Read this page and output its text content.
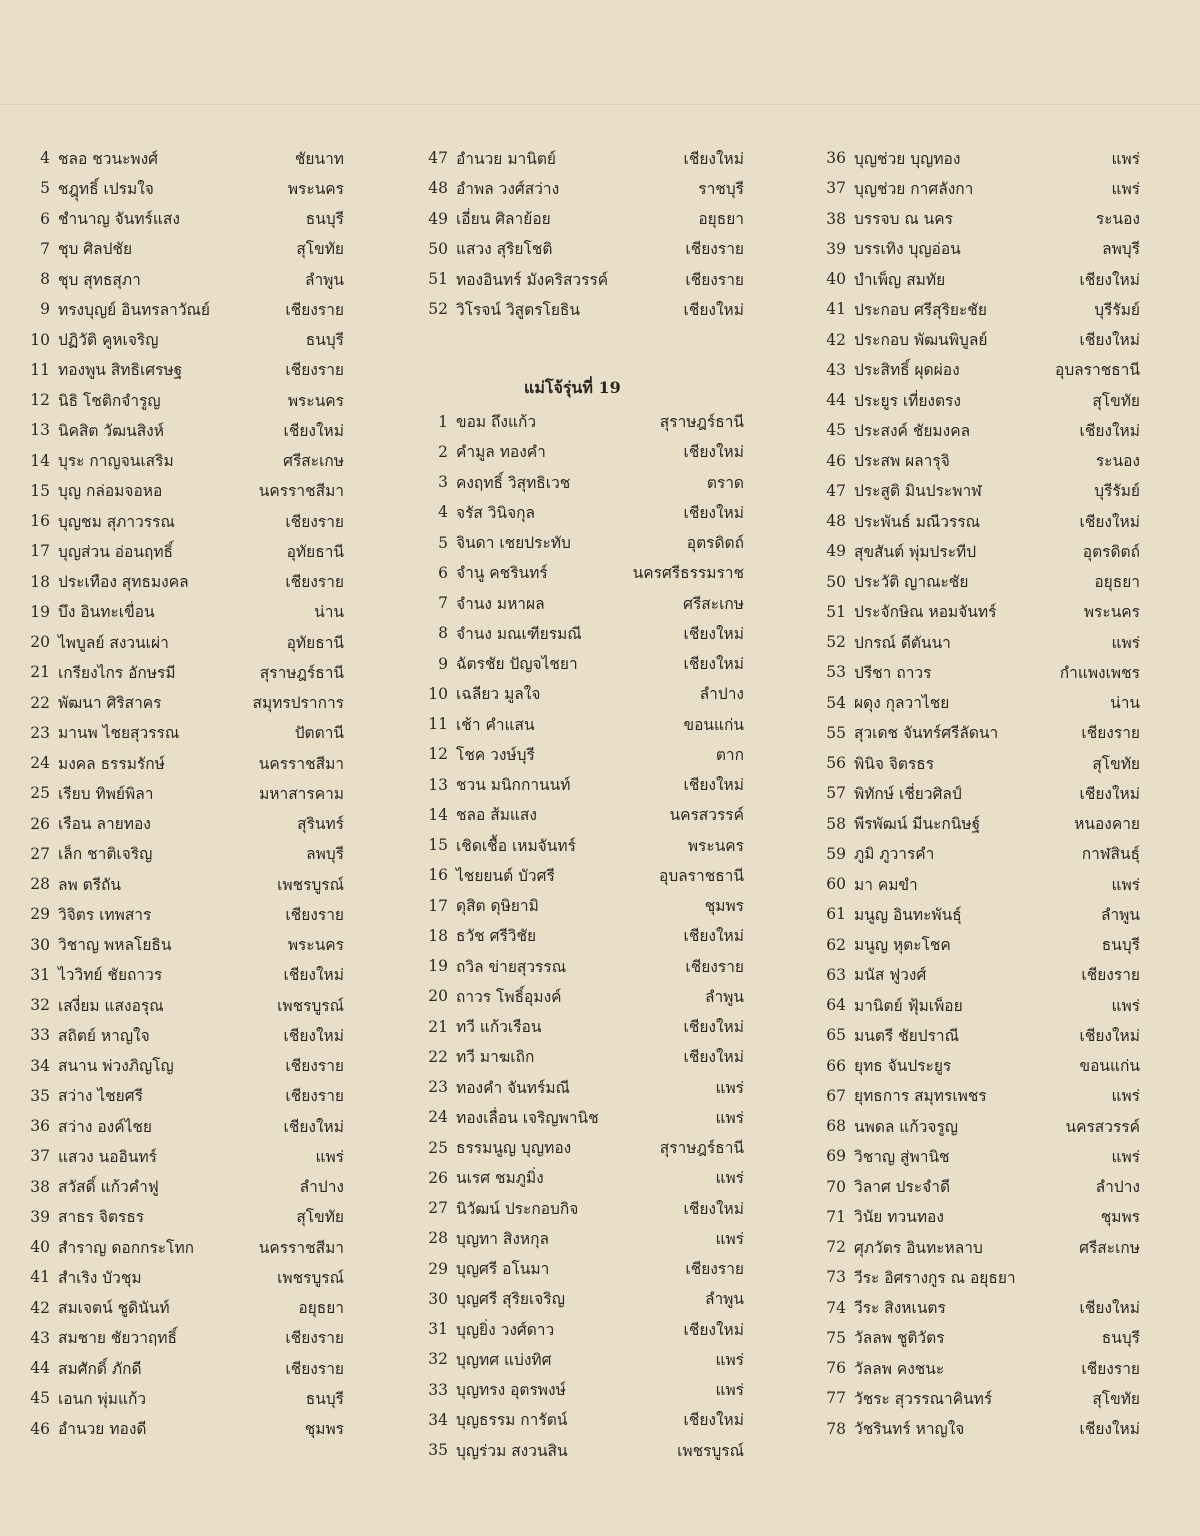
4 ชลอ ชวนะพงศ์	ชัยนาท
5 ชฎุทธิ์ เปรมใจ	พระนคร
6 ชำนาญ จันทร์แสง	ธนบุรี
7 ชุบ ศิลปชัย	สุโขทัย
8 ชุบ สุทธสุภา	ลำพูน
9 ทรงบุญย์ อินทรลาวัณย์	เชียงราย
10 ปฏิวัติ คูหเจริญ	ธนบุรี
11 ทองพูน สิทธิเศรษฐ	เชียงราย
12 นิธิ โชติกจำรูญ	พระนคร
13 นิคสิต วัฒนสิงห์	เชียงใหม่
14 บุระ กาญจนเสริม	ศรีสะเกษ
15 บุญ กล่อมจอหอ	นครราชสีมา
16 บุญชม สุภาวรรณ	เชียงราย
17 บุญส่วน อ่อนฤทธิ์	อุทัยธานี
18 ประเทือง สุทธมงคล	เชียงราย
19 บึง อินทะเขื่อน	น่าน
20 ไพบูลย์ สงวนเผ่า	อุทัยธานี
21 เกรียงไกร อักษรมี	สุราษฎร์ธานี
22 พัฒนา ศิริสาคร	สมุทรปราการ
23 มานพ ไชยสุวรรณ	ปัตตานี
24 มงคล ธรรมรักษ์	นครราชสีมา
25 เรียบ ทิพย์พิลา	มหาสารคาม
26 เรือน ลายทอง	สุรินทร์
27 เล็ก ชาติเจริญ	ลพบุรี
28 ลพ ตรีถัน	เพชรบูรณ์
29 วิจิตร เทพสาร	เชียงราย
30 วิชาญ พหลโยธิน	พระนคร
31 ไววิทย์ ชัยถาวร	เชียงใหม่
32 เสงี่ยม แสงอรุณ	เพชรบูรณ์
33 สถิตย์ หาญใจ	เชียงใหม่
34 สนาน พ่วงภิญโญ	เชียงราย
35 สว่าง ไชยศรี	เชียงราย
36 สว่าง องค์ไชย	เชียงใหม่
37 แสวง นออินทร์	แพร่
38 สวัสดิ์ แก้วคำฟู	ลำปาง
39 สาธร จิตรธร	สุโขทัย
40 สำราญ ดอกกระโทก	นครราชสีมา
41 สำเริง บัวชุม	เพชรบูรณ์
42 สมเจตน์ ชูดินันท์	อยุธยา
43 สมชาย ชัยวาฤทธิ์	เชียงราย
44 สมศักดิ์ ภักดี	เชียงราย
45 เอนก พุ่มแก้ว	ธนบุรี
46 อำนวย ทองดี	ชุมพร
47 อำนวย มานิตย์	เชียงใหม่
48 อำพล วงศ์สว่าง	ราชบุรี
49 เอี่ยน ศิลาย้อย	อยุธยา
50 แสวง สุริยโชติ	เชียงราย
51 ทองอินทร์ มังคริสวรรค์	เชียงราย
52 วิโรจน์ วิสูตรโยธิน	เชียงใหม่
แม่โจ้รุ่นที่ 19
1 ขอม ถึงแก้ว	สุราษฎร์ธานี
2 คำมูล ทองคำ	เชียงใหม่
3 คงฤทธิ์ วิสุทธิเวช	ตราด
4 จรัส วินิจกุล	เชียงใหม่
5 จินดา เชยประทับ	อุตรดิตถ์
6 จำนู คชรินทร์	นครศรีธรรมราช
7 จำนง มหาผล	ศรีสะเกษ
8 จำนง มณเฑียรมณี	เชียงใหม่
9 ฉัตรชัย ปัญจไชยา	เชียงใหม่
10 เฉลียว มูลใจ	ลำปาง
11 เช้า คำแสน	ขอนแก่น
12 โชค วงษ์บุรี	ตาก
13 ชวน มนิกกานนท์	เชียงใหม่
14 ชลอ ส้มแสง	นครสวรรค์
15 เชิดเชื้อ เหมจันทร์	พระนคร
16 ไชยยนต์ บัวศรี	อุบลราชธานี
17 ดุสิต ดุษิยามิ	ชุมพร
18 ธวัช ศรีวิชัย	เชียงใหม่
19 ถวิล ข่ายสุวรรณ	เชียงราย
20 ถาวร โพธิ์อุมงค์	ลำพูน
21 ทวี แก้วเรือน	เชียงใหม่
22 ทวี มาฆเถิก	เชียงใหม่
23 ทองคำ จันทร์มณี	แพร่
24 ทองเลื่อน เจริญพานิช	แพร่
25 ธรรมนูญ บุญทอง	สุราษฎร์ธานี
26 นเรศ ชมภูมิ่ง	แพร่
27 นิวัฒน์ ประกอบกิจ	เชียงใหม่
28 บุญทา สิงหกุล	แพร่
29 บุญศรี อโนมา	เชียงราย
30 บุญศรี สุริยเจริญ	ลำพูน
31 บุญยิ่ง วงศ์ดาว	เชียงใหม่
32 บุญทศ แบ่งทิศ	แพร่
33 บุญทรง อุตรพงษ์	แพร่
34 บุญธรรม การัตน์	เชียงใหม่
35 บุญร่วม สงวนสิน	เพชรบูรณ์
36 บุญช่วย บุญทอง	แพร่
37 บุญช่วย กาศลังกา	แพร่
38 บรรจบ ณ นคร	ระนอง
39 บรรเทิง บุญอ่อน	ลพบุรี
40 บำเพ็ญ สมทัย	เชียงใหม่
41 ประกอบ ศรีสุริยะชัย	บุรีรัมย์
42 ประกอบ พัฒนพิบูลย์	เชียงใหม่
43 ประสิทธิ์ ผุดผ่อง	อุบลราชธานี
44 ประยูร เที่ยงตรง	สุโขทัย
45 ประสงค์ ชัยมงคล	เชียงใหม่
46 ประสพ ผลารุจิ	ระนอง
47 ประสูติ มินประพาฬ	บุรีรัมย์
48 ประพันธ์ มณีวรรณ	เชียงใหม่
49 สุขสันต์ พุ่มประทีป	อุตรดิตถ์
50 ประวัติ ญาณะชัย	อยุธยา
51 ประจักษิณ หอมจันทร์	พระนคร
52 ปกรณ์ ดีตันนา	แพร่
53 ปรีชา ถาวร	กำแพงเพชร
54 ผดุง กุลวาไชย	น่าน
55 สุวเดช จันทร์ศรีลัดนา	เชียงราย
56 พินิจ จิตรธร	สุโขทัย
57 พิทักษ์ เชี่ยวศิลป์	เชียงใหม่
58 พีรพัฒน์ มีนะกนิษฐ์	หนองคาย
59 ภูมิ ภูวารคำ	กาฬสินธุ์
60 มา คมขำ	แพร่
61 มนูญ อินทะพันธุ์	ลำพูน
62 มนูญ หุตะโชค	ธนบุรี
63 มนัส ฟูวงศ์	เชียงราย
64 มานิตย์ ฟุ้มเพ็อย	แพร่
65 มนตรี ชัยปราณี	เชียงใหม่
66 ยุทธ จันประยูร	ขอนแก่น
67 ยุทธการ สมุทรเพชร	แพร่
68 นพดล แก้วจรูญ	นครสวรรค์
69 วิชาญ สู่พานิช	แพร่
70 วิลาศ ประจำดี	ลำปาง
71 วินัย ทวนทอง	ชุมพร
72 ศุภวัตร อินทะหลาบ	ศรีสะเกษ
73 วีระ อิศรางกูร ณ อยุธยา
74 วีระ สิงหเนตร	เชียงใหม่
75 วัลลพ ชูติวัตร	ธนบุรี
76 วัลลพ คงชนะ	เชียงราย
77 วัชระ สุวรรณาคินทร์	สุโขทัย
78 วัชรินทร์ หาญใจ	เชียงใหม่
